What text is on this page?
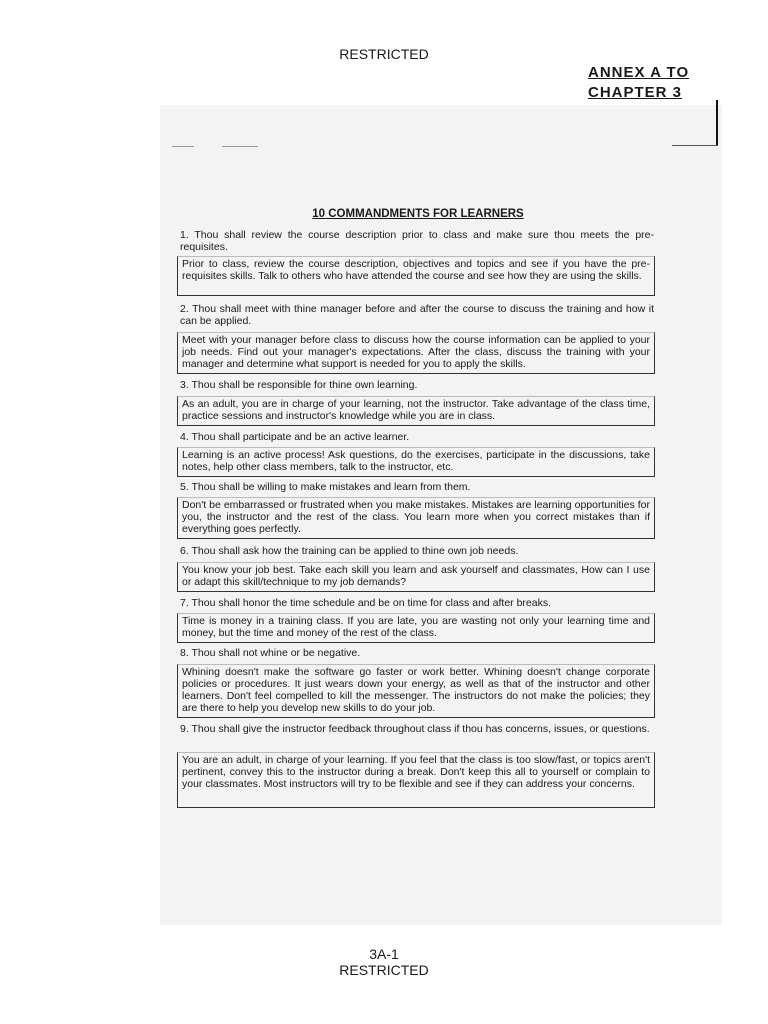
RESTRICTED
ANNEX A TO
CHAPTER 3
10 COMMANDMENTS FOR LEARNERS
1. Thou shall review the course description prior to class and make sure thou meets the pre-requisites.
Prior to class, review the course description, objectives and topics and see if you have the pre-requisites skills. Talk to others who have attended the course and see how they are using the skills.
2. Thou shall meet with thine manager before and after the course to discuss the training and how it can be applied.
Meet with your manager before class to discuss how the course information can be applied to your job needs. Find out your manager's expectations. After the class, discuss the training with your manager and determine what support is needed for you to apply the skills.
3. Thou shall be responsible for thine own learning.
As an adult, you are in charge of your learning, not the instructor. Take advantage of the class time, practice sessions and instructor's knowledge while you are in class.
4. Thou shall participate and be an active learner.
Learning is an active process! Ask questions, do the exercises, participate in the discussions, take notes, help other class members, talk to the instructor, etc.
5. Thou shall be willing to make mistakes and learn from them.
Don't be embarrassed or frustrated when you make mistakes. Mistakes are learning opportunities for you, the instructor and the rest of the class. You learn more when you correct mistakes than if everything goes perfectly.
6. Thou shall ask how the training can be applied to thine own job needs.
You know your job best. Take each skill you learn and ask yourself and classmates, How can I use or adapt this skill/technique to my job demands?
7. Thou shall honor the time schedule and be on time for class and after breaks.
Time is money in a training class. If you are late, you are wasting not only your learning time and money, but the time and money of the rest of the class.
8. Thou shall not whine or be negative.
Whining doesn't make the software go faster or work better. Whining doesn't change corporate policies or procedures. It just wears down your energy, as well as that of the instructor and other learners. Don't feel compelled to kill the messenger. The instructors do not make the policies; they are there to help you develop new skills to do your job.
9. Thou shall give the instructor feedback throughout class if thou has concerns, issues, or questions.
You are an adult, in charge of your learning. If you feel that the class is too slow/fast, or topics aren't pertinent, convey this to the instructor during a break. Don't keep this all to yourself or complain to your classmates. Most instructors will try to be flexible and see if they can address your concerns.
3A-1
RESTRICTED
